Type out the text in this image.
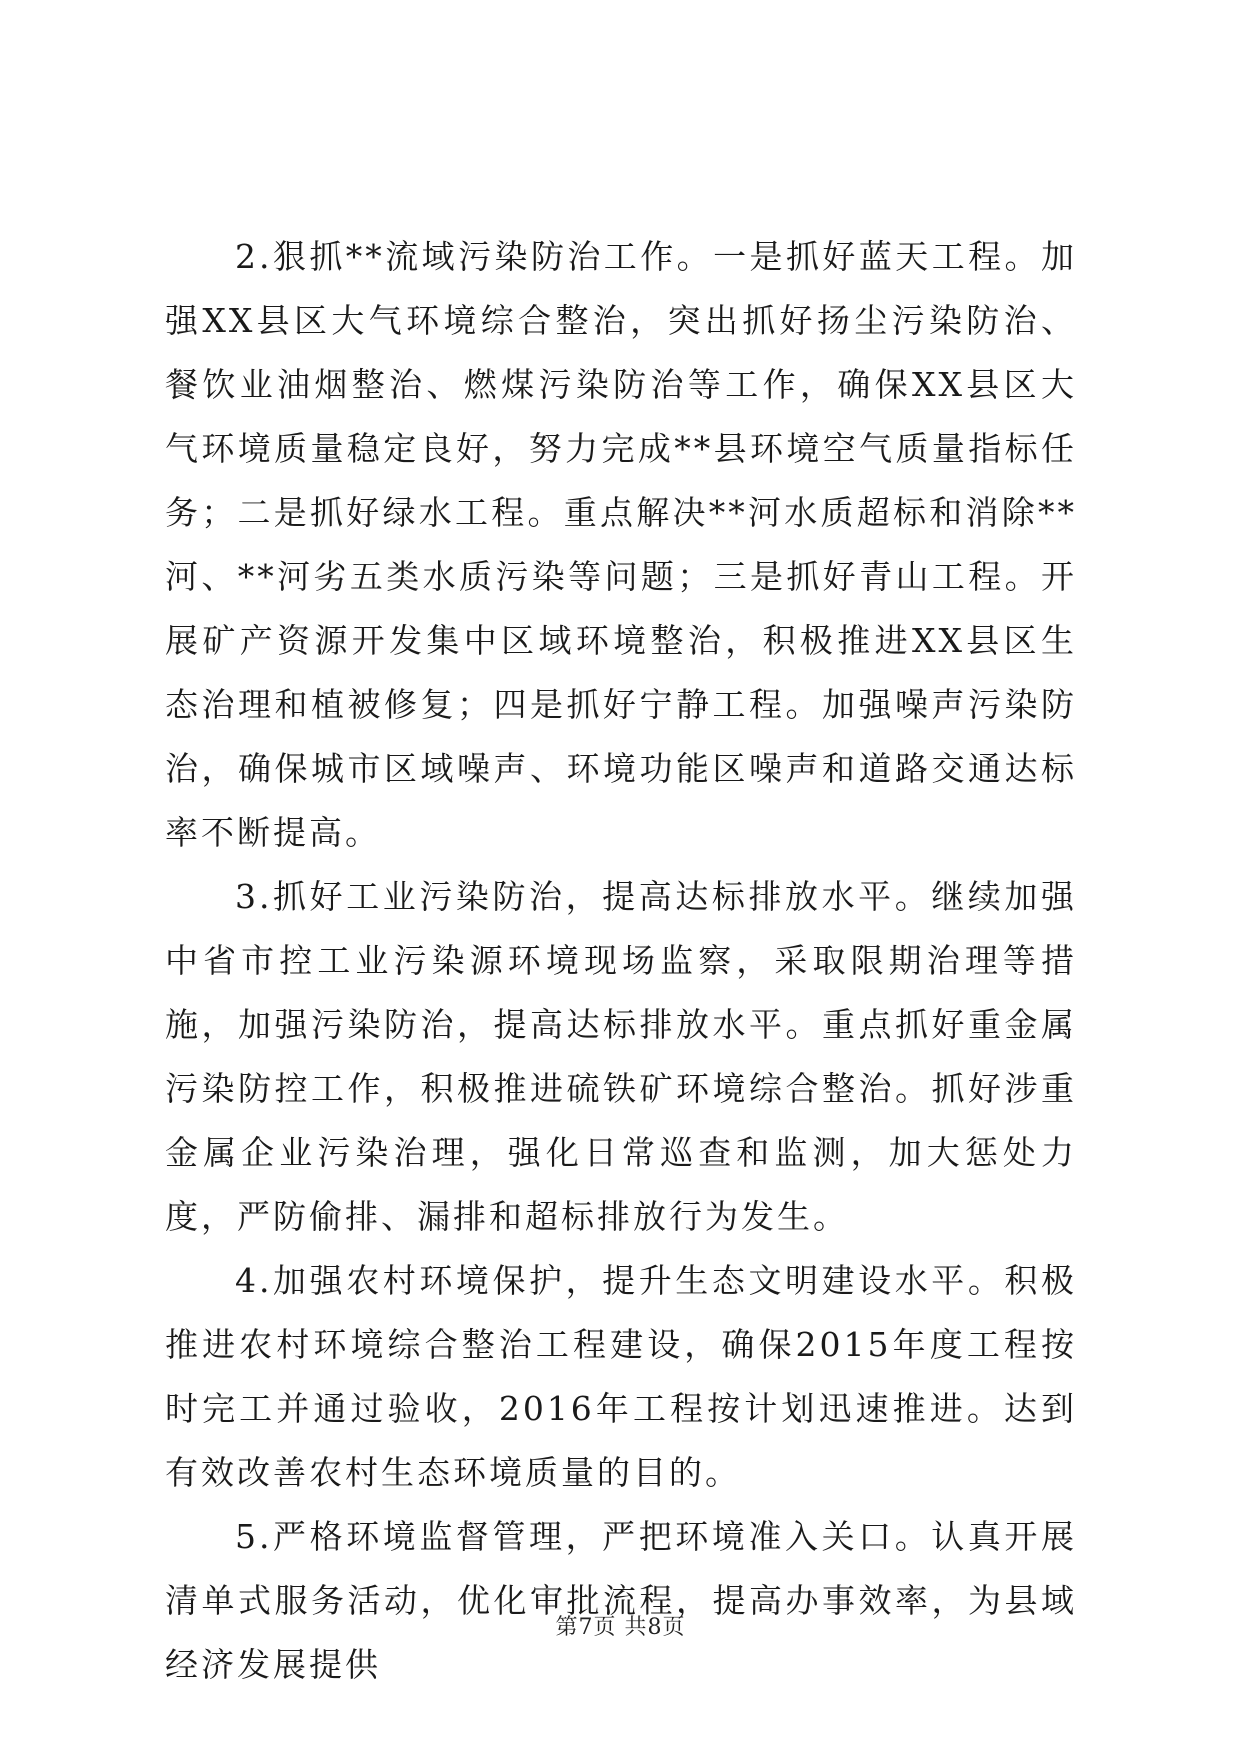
2.狠抓**流域污染防治工作。一是抓好蓝天工程。加强XX县区大气环境综合整治，突出抓好扬尘污染防治、餐饮业油烟整治、燃煤污染防治等工作，确保XX县区大气环境质量稳定良好，努力完成**县环境空气质量指标任务；二是抓好绿水工程。重点解决**河水质超标和消除**河、**河劣五类水质污染等问题；三是抓好青山工程。开展矿产资源开发集中区域环境整治，积极推进XX县区生态治理和植被修复；四是抓好宁静工程。加强噪声污染防治，确保城市区域噪声、环境功能区噪声和道路交通达标率不断提高。

3.抓好工业污染防治，提高达标排放水平。继续加强中省市控工业污染源环境现场监察，采取限期治理等措施，加强污染防治，提高达标排放水平。重点抓好重金属污染防控工作，积极推进硫铁矿环境综合整治。抓好涉重金属企业污染治理，强化日常巡查和监测，加大惩处力度，严防偷排、漏排和超标排放行为发生。

4.加强农村环境保护，提升生态文明建设水平。积极推进农村环境综合整治工程建设，确保2015年度工程按时完工并通过验收，2016年工程按计划迅速推进。达到有效改善农村生态环境质量的目的。

5.严格环境监督管理，严把环境准入关口。认真开展清单式服务活动，优化审批流程，提高办事效率，为县域经济发展提供

第7页 共8页
